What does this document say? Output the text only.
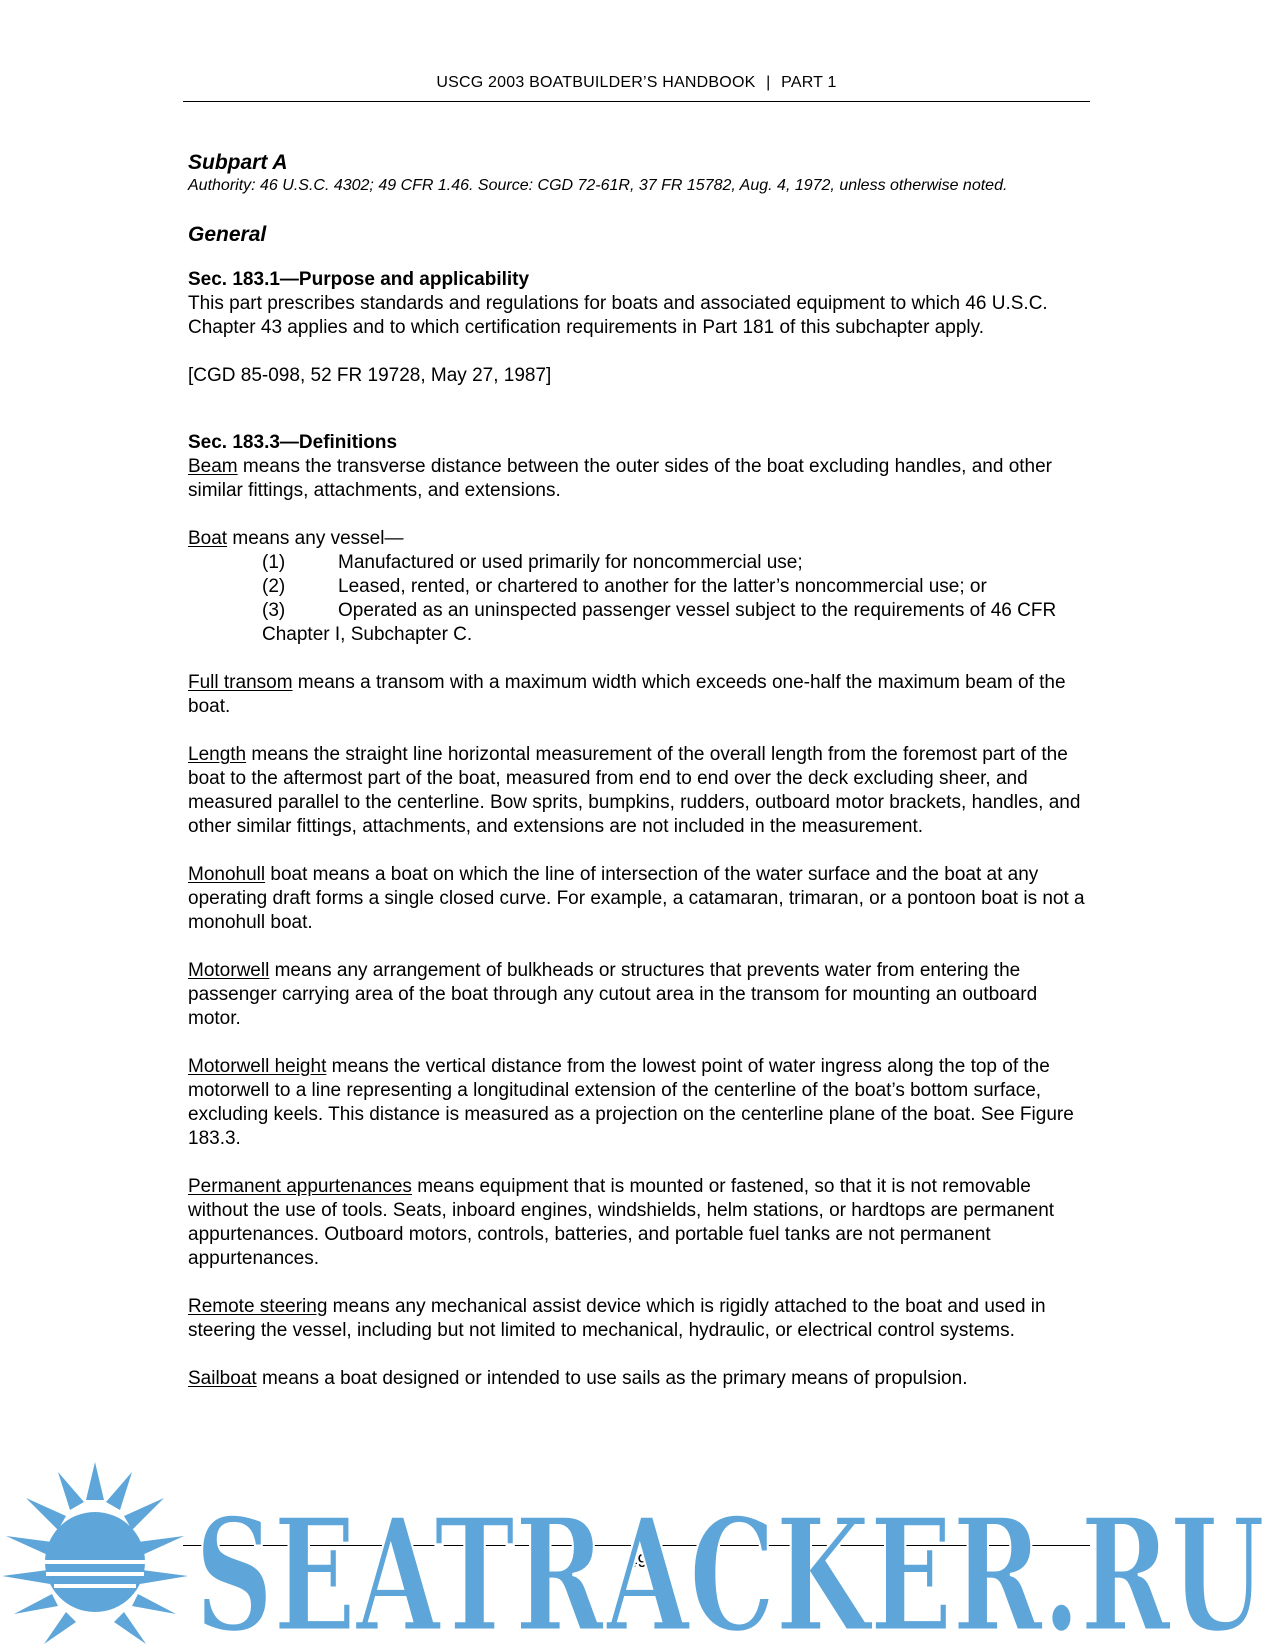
USCG 2003 BOATBUILDER’S HANDBOOK | PART 1
Subpart A

Authority: 46 U.S.C. 4302; 49 CFR 1.46. Source: CGD 72-61R, 37 FR 15782, Aug. 4, 1972, unless otherwise noted.

General

Sec. 183.1—Purpose and applicability

This part prescribes standards and regulations for boats and associated equipment to which 46 U.S.C. Chapter 43 applies and to which certification requirements in Part 181 of this subchapter apply.

[CGD 85-098, 52 FR 19728, May 27, 1987]

Sec. 183.3—Definitions

Beam means the transverse distance between the outer sides of the boat excluding handles, and other similar fittings, attachments, and extensions.

Boat means any vessel—

(1)	Manufactured or used primarily for noncommercial use;
(2)	Leased, rented, or chartered to another for the latter’s noncommercial use; or
(3)	Operated as an uninspected passenger vessel subject to the requirements of 46 CFR Chapter I, Subchapter C.

Full transom means a transom with a maximum width which exceeds one-half the maximum beam of the boat.

Length means the straight line horizontal measurement of the overall length from the foremost part of the boat to the aftermost part of the boat, measured from end to end over the deck excluding sheer, and measured parallel to the centerline. Bow sprits, bumpkins, rudders, outboard motor brackets, handles, and other similar fittings, attachments, and extensions are not included in the measurement.

Monohull boat means a boat on which the line of intersection of the water surface and the boat at any operating draft forms a single closed curve. For example, a catamaran, trimaran, or a pontoon boat is not a monohull boat.

Motorwell means any arrangement of bulkheads or structures that prevents water from entering the passenger carrying area of the boat through any cutout area in the transom for mounting an outboard motor.

Motorwell height means the vertical distance from the lowest point of water ingress along the top of the motorwell to a line representing a longitudinal extension of the centerline of the boat’s bottom surface, excluding keels. This distance is measured as a projection on the centerline plane of the boat. See Figure 183.3.

Permanent appurtenances means equipment that is mounted or fastened, so that it is not removable without the use of tools. Seats, inboard engines, windshields, helm stations, or hardtops are permanent appurtenances. Outboard motors, controls, batteries, and portable fuel tanks are not permanent appurtenances.

Remote steering means any mechanical assist device which is rigidly attached to the boat and used in steering the vessel, including but not limited to mechanical, hydraulic, or electrical control systems.

Sailboat means a boat designed or intended to use sails as the primary means of propulsion.

49
SEATRACKER.RU
